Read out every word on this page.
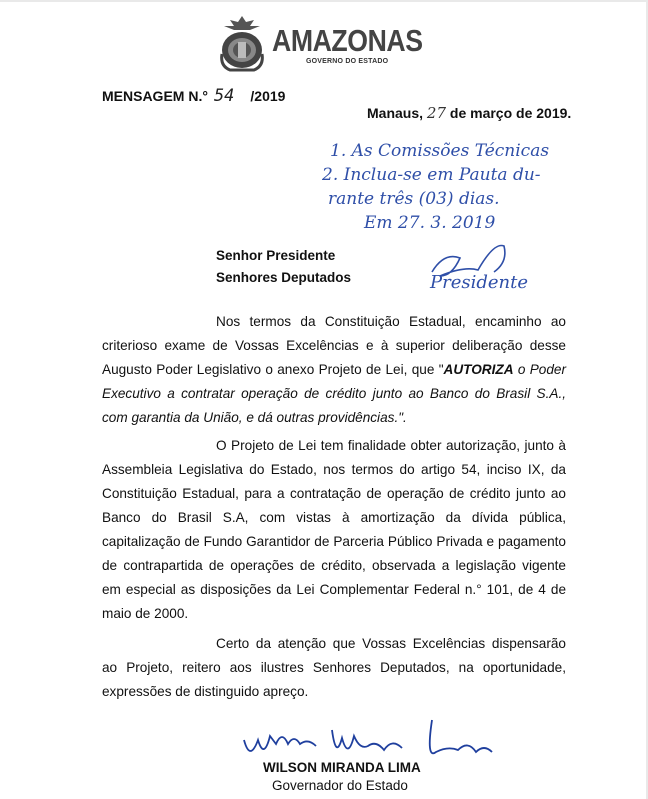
AMAZONAS
GOVERNO DO ESTADO
MENSAGEM N.° 54 /2019
Manaus, 27 de março de 2019.
1. As Comissões Técnicas
2. Inclua-se em Pauta du-
rante três (03) dias.
Em 27. 3. 2019
Presidente
Senhor Presidente
Senhores Deputados
Nos termos da Constituição Estadual, encaminho ao criterioso exame de Vossas Excelências e à superior deliberação desse Augusto Poder Legislativo o anexo Projeto de Lei, que "AUTORIZA o Poder Executivo a contratar operação de crédito junto ao Banco do Brasil S.A., com garantia da União, e dá outras providências.".
O Projeto de Lei tem finalidade obter autorização, junto à Assembleia Legislativa do Estado, nos termos do artigo 54, inciso IX, da Constituição Estadual, para a contratação de operação de crédito junto ao Banco do Brasil S.A, com vistas à amortização da dívida pública, capitalização de Fundo Garantidor de Parceria Público Privada e pagamento de contrapartida de operações de crédito, observada a legislação vigente em especial as disposições da Lei Complementar Federal n.° 101, de 4 de maio de 2000.
Certo da atenção que Vossas Excelências dispensarão ao Projeto, reitero aos ilustres Senhores Deputados, na oportunidade, expressões de distinguido apreço.
WILSON MIRANDA LIMA
Governador do Estado
